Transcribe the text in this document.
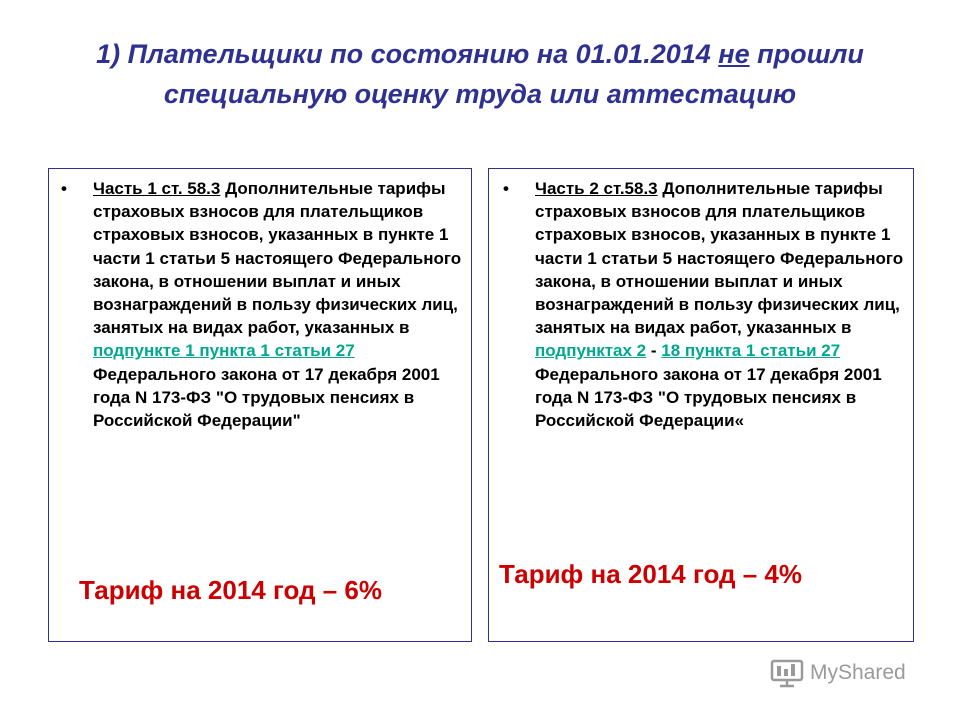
1) Плательщики по состоянию на 01.01.2014 не прошли специальную оценку труда или аттестацию
• Часть 1 ст. 58.3 Дополнительные тарифы страховых взносов для плательщиков страховых взносов, указанных в пункте 1 части 1 статьи 5 настоящего Федерального закона, в отношении выплат и иных вознаграждений в пользу физических лиц, занятых на видах работ, указанных в подпункте 1 пункта 1 статьи 27 Федерального закона от 17 декабря 2001 года N 173-ФЗ "О трудовых пенсиях в Российской Федерации"
Тариф на 2014 год – 6%
• Часть 2 ст.58.3 Дополнительные тарифы страховых взносов для плательщиков страховых взносов, указанных в пункте 1 части 1 статьи 5 настоящего Федерального закона, в отношении выплат и иных вознаграждений в пользу физических лиц, занятых на видах работ, указанных в подпунктах 2 - 18 пункта 1 статьи 27 Федерального закона от 17 декабря 2001 года N 173-ФЗ "О трудовых пенсиях в Российской Федерации«
Тариф на 2014 год – 4%
MyShared
